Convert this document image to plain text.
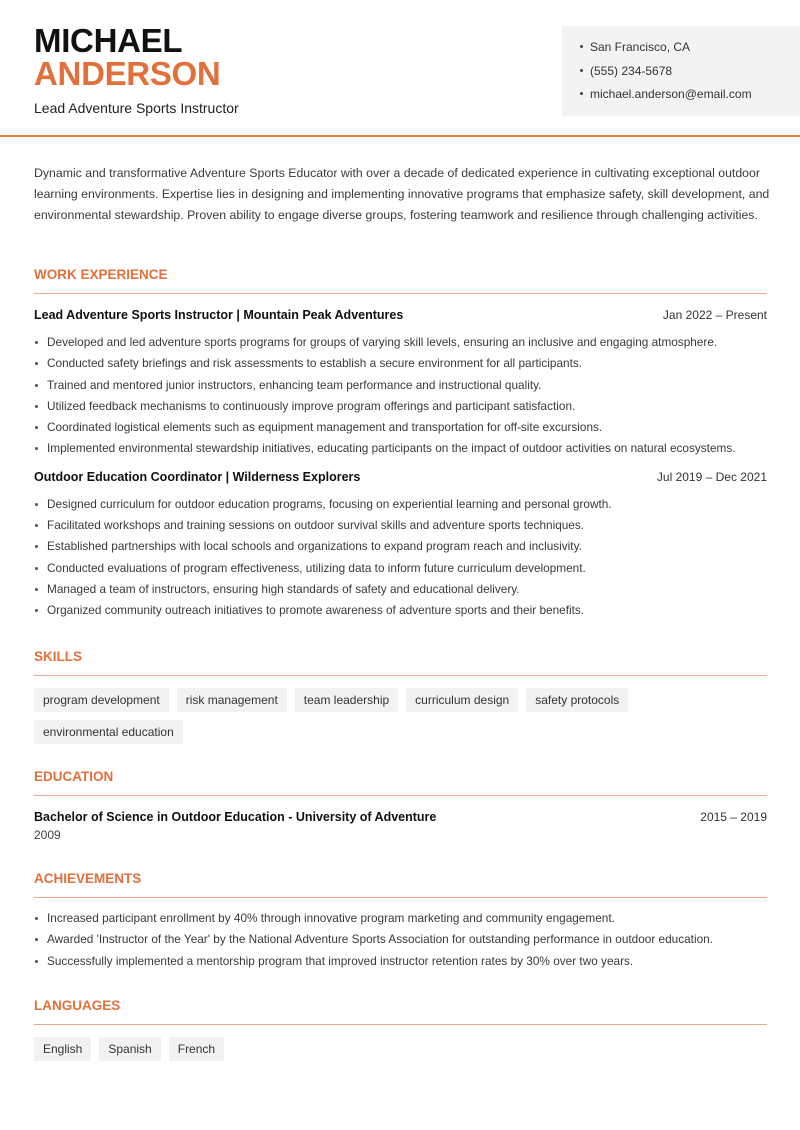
MICHAEL
ANDERSON
Lead Adventure Sports Instructor
San Francisco, CA
(555) 234-5678
michael.anderson@email.com

Dynamic and transformative Adventure Sports Educator with over a decade of dedicated experience in cultivating exceptional outdoor learning environments. Expertise lies in designing and implementing innovative programs that emphasize safety, skill development, and environmental stewardship. Proven ability to engage diverse groups, fostering teamwork and resilience through challenging activities.

WORK EXPERIENCE
Lead Adventure Sports Instructor | Mountain Peak Adventures	Jan 2022 – Present
Developed and led adventure sports programs for groups of varying skill levels, ensuring an inclusive and engaging atmosphere.
Conducted safety briefings and risk assessments to establish a secure environment for all participants.
Trained and mentored junior instructors, enhancing team performance and instructional quality.
Utilized feedback mechanisms to continuously improve program offerings and participant satisfaction.
Coordinated logistical elements such as equipment management and transportation for off-site excursions.
Implemented environmental stewardship initiatives, educating participants on the impact of outdoor activities on natural ecosystems.
Outdoor Education Coordinator | Wilderness Explorers	Jul 2019 – Dec 2021
Designed curriculum for outdoor education programs, focusing on experiential learning and personal growth.
Facilitated workshops and training sessions on outdoor survival skills and adventure sports techniques.
Established partnerships with local schools and organizations to expand program reach and inclusivity.
Conducted evaluations of program effectiveness, utilizing data to inform future curriculum development.
Managed a team of instructors, ensuring high standards of safety and educational delivery.
Organized community outreach initiatives to promote awareness of adventure sports and their benefits.
SKILLS
program development	risk management	team leadership	curriculum design	safety protocols
environmental education
EDUCATION
Bachelor of Science in Outdoor Education - University of Adventure	2015 – 2019
2009
ACHIEVEMENTS
Increased participant enrollment by 40% through innovative program marketing and community engagement.
Awarded 'Instructor of the Year' by the National Adventure Sports Association for outstanding performance in outdoor education.
Successfully implemented a mentorship program that improved instructor retention rates by 30% over two years.
LANGUAGES
English	Spanish	French
